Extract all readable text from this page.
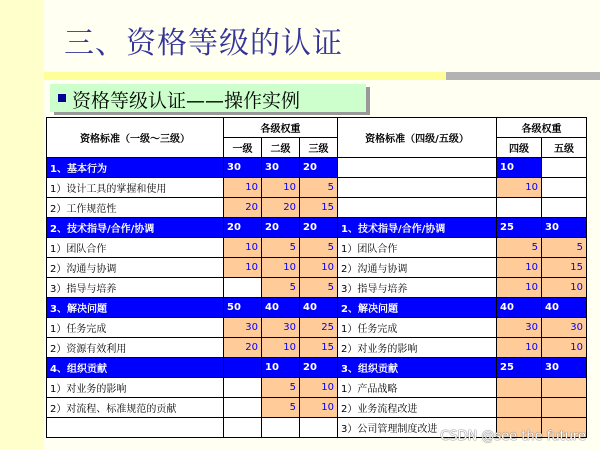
三、资格等级的认证
资格等级认证——操作实例
资格标准（一级～三级）	各级权重			资格标准（四级/五级）	各级权重	
	一级	二级	三级		四级	五级
1、基本行为	30	30	20		10	
1）设计工具的掌握和使用	10	10	5		10	
2）工作规范性	20	20	15			
2、技术指导/合作/协调	20	20	20	1、技术指导/合作/协调	25	30
1）团队合作	10	5	5	1）团队合作	5	5
2）沟通与协调	10	10	10	2）沟通与协调	10	15
3）指导与培养		5	5	3）指导与培养	10	10
3、解决问题	50	40	40	2、解决问题	40	40
1）任务完成	30	30	25	1）任务完成	30	30
2）资源有效利用	20	10	15	2）对业务的影响	10	10
4、组织贡献		10	20	3、组织贡献	25	30
1）对业务的影响		5	10	1）产品战略		
2）对流程、标准规范的贡献		5	10	2）业务流程改进		
				3）公司管理制度改进		CSDN @see the future
